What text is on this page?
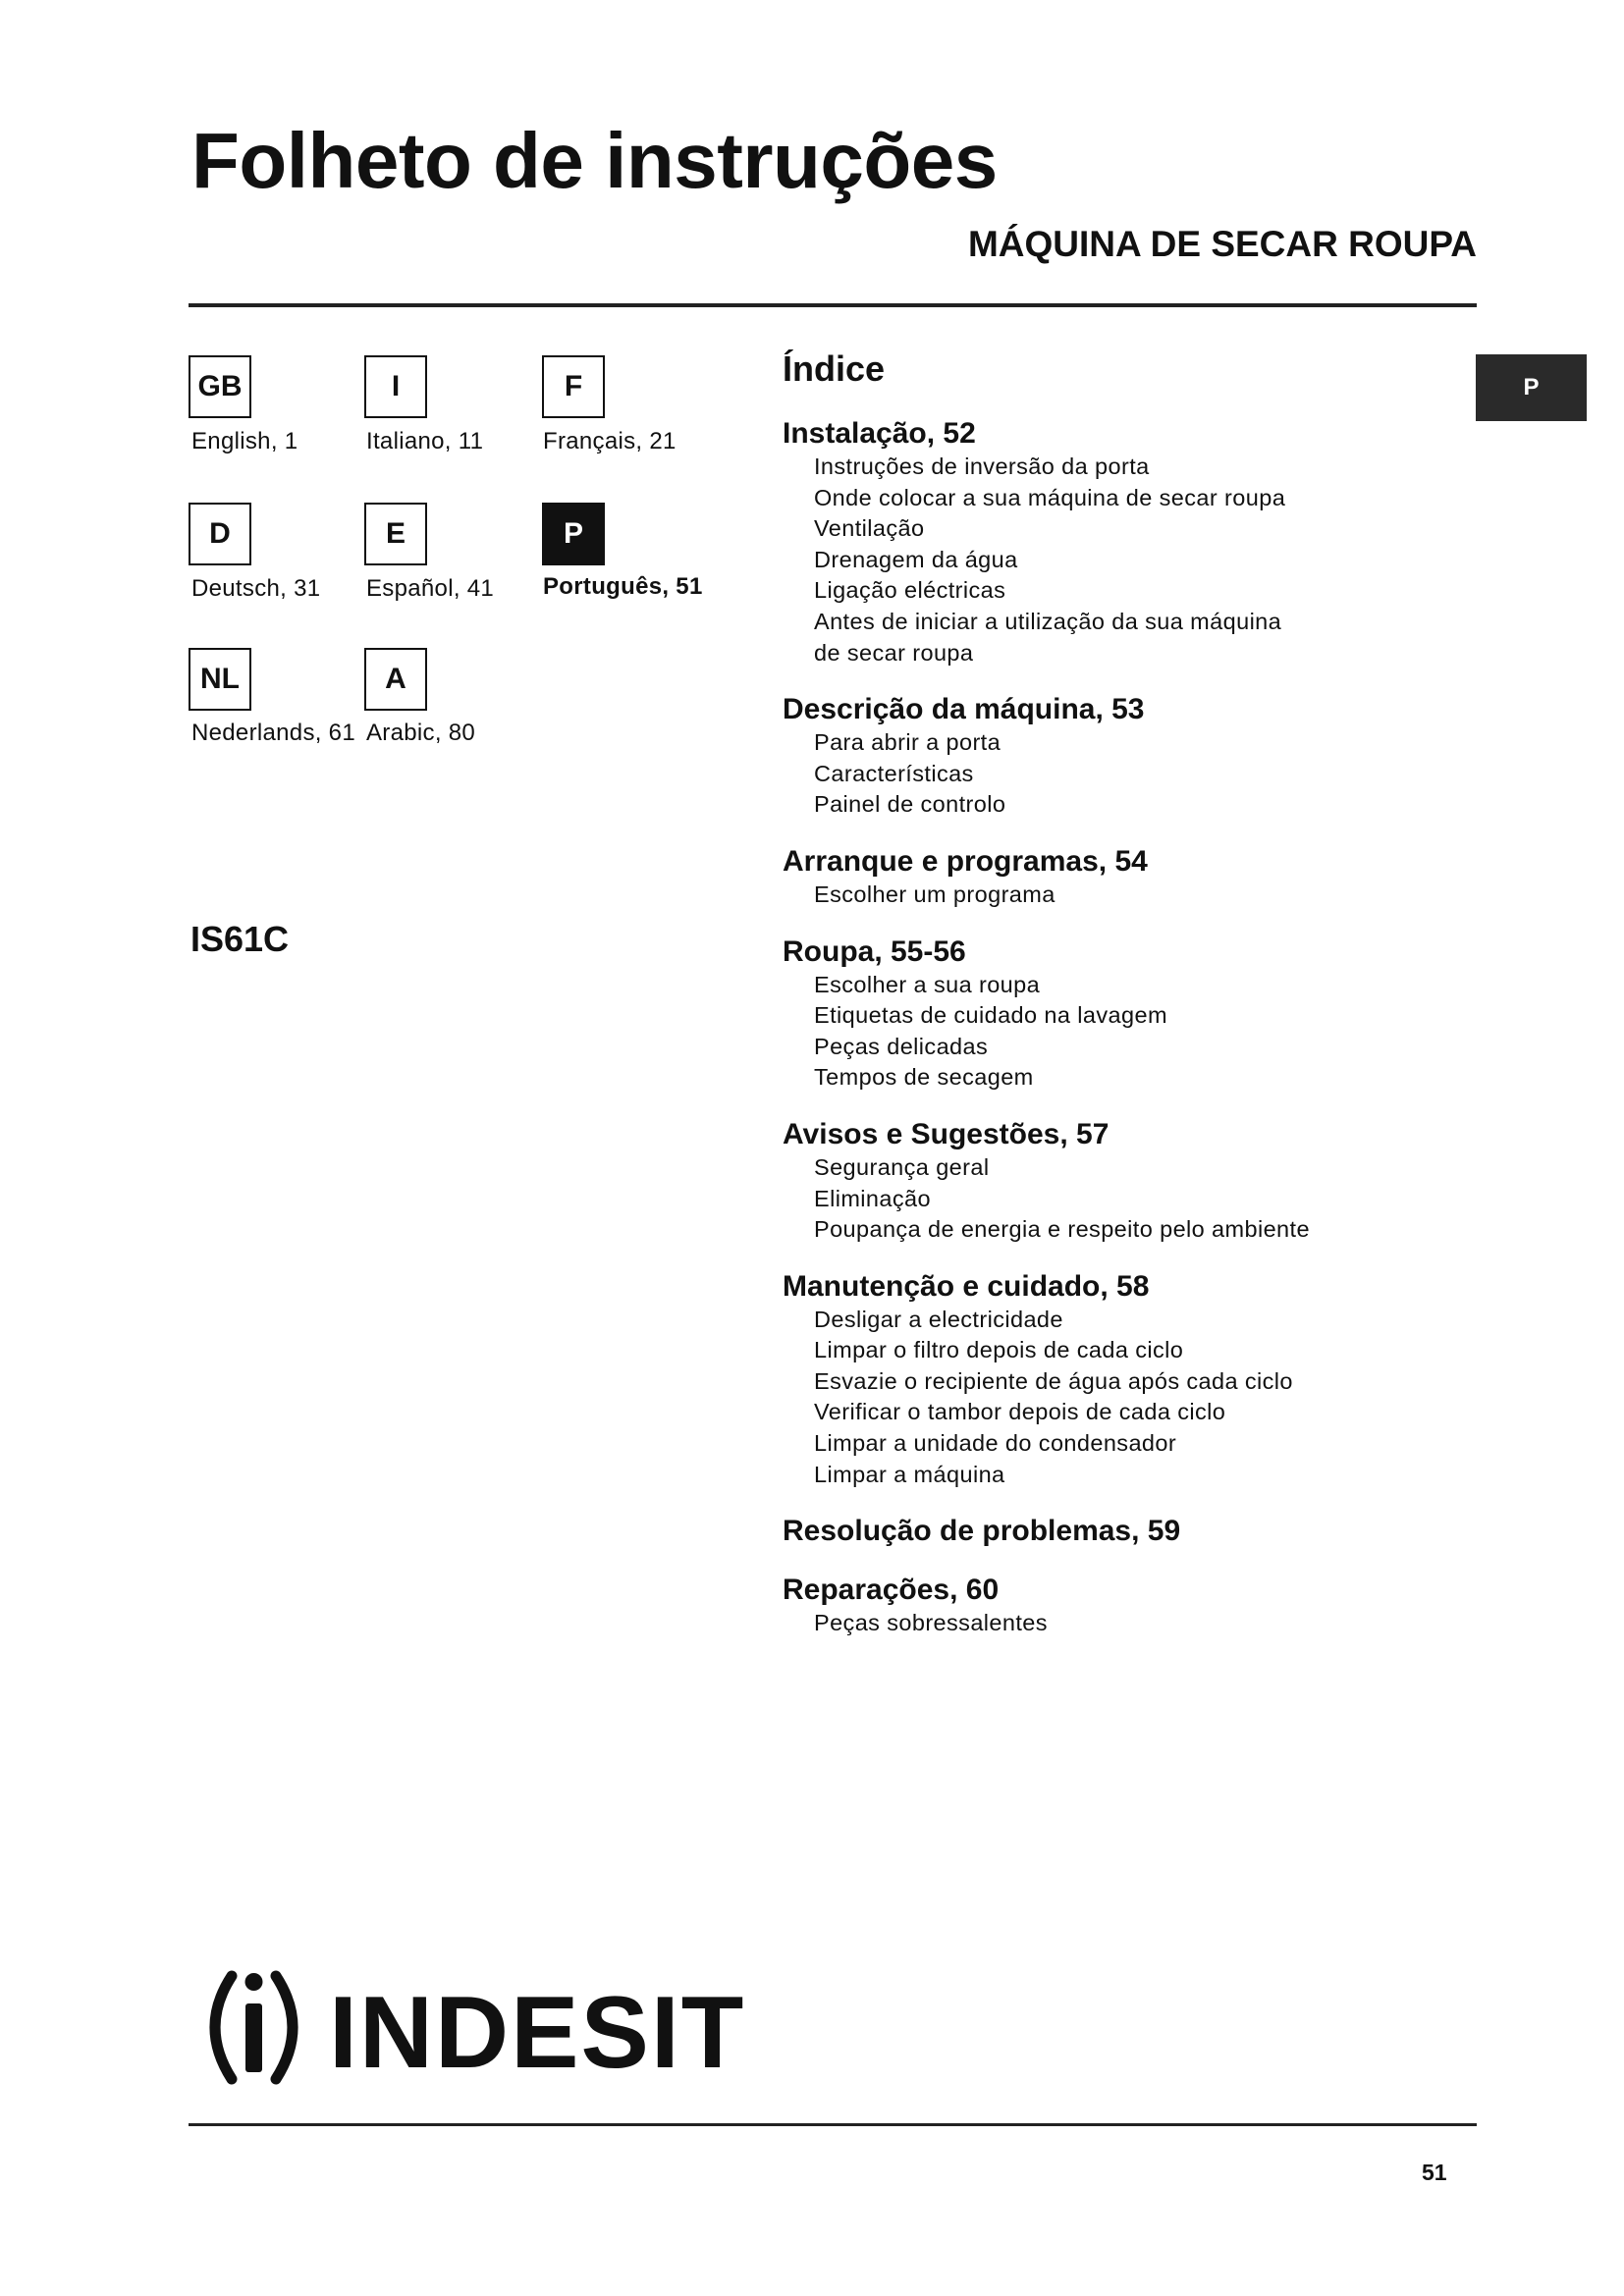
Folheto de instruções
MÁQUINA DE SECAR ROUPA
P
GB
English, 1
I
Italiano, 11
F
Français, 21
D
Deutsch, 31
E
Español, 41
P
Português, 51
NL
Nederlands, 61
A
Arabic, 80
IS61C
Índice
Instalação, 52
Instruções de inversão da porta
Onde colocar a sua máquina de secar roupa
Ventilação
Drenagem da água
Ligação eléctricas
Antes de iniciar a utilização da sua máquina
de secar roupa
Descrição da máquina, 53
Para abrir a porta
Características
Painel de controlo
Arranque e programas, 54
Escolher um programa
Roupa, 55-56
Escolher a sua roupa
Etiquetas de cuidado na lavagem
Peças delicadas
Tempos de secagem
Avisos e Sugestões, 57
Segurança geral
Eliminação
Poupança de energia e respeito pelo ambiente
Manutenção e cuidado, 58
Desligar a electricidade
Limpar o filtro depois de cada ciclo
Esvazie o recipiente de água após cada ciclo
Verificar o tambor depois de cada ciclo
Limpar a unidade do condensador
Limpar a máquina
Resolução de problemas, 59
Reparações, 60
Peças sobressalentes
INDESIT
51
